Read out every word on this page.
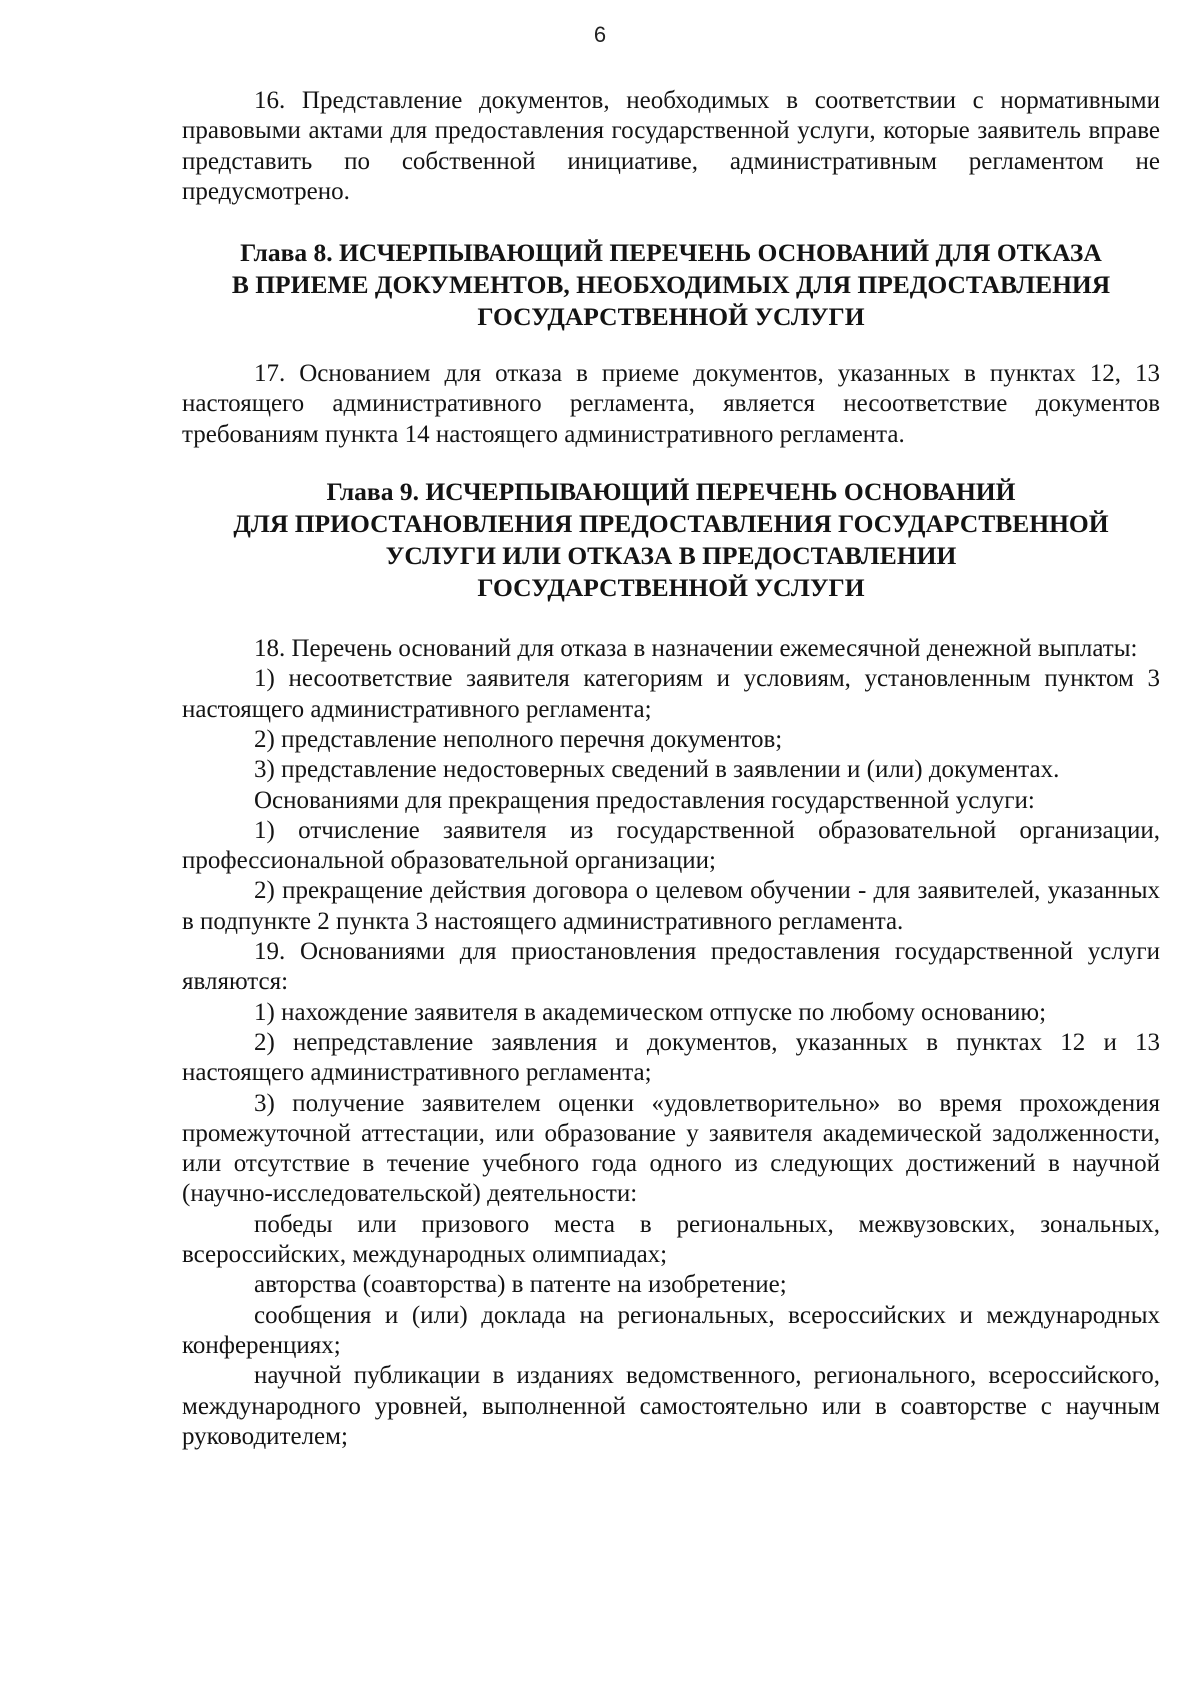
6

16. Представление документов, необходимых в соответствии с нормативными правовыми актами для предоставления государственной услуги, которые заявитель вправе представить по собственной инициативе, административным регламентом не предусмотрено.

Глава 8. ИСЧЕРПЫВАЮЩИЙ ПЕРЕЧЕНЬ ОСНОВАНИЙ ДЛЯ ОТКАЗА
В ПРИЕМЕ ДОКУМЕНТОВ, НЕОБХОДИМЫХ ДЛЯ ПРЕДОСТАВЛЕНИЯ
ГОСУДАРСТВЕННОЙ УСЛУГИ

17. Основанием для отказа в приеме документов, указанных в пунктах 12, 13 настоящего административного регламента, является несоответствие документов требованиям пункта 14 настоящего административного регламента.

Глава 9. ИСЧЕРПЫВАЮЩИЙ ПЕРЕЧЕНЬ ОСНОВАНИЙ
ДЛЯ ПРИОСТАНОВЛЕНИЯ ПРЕДОСТАВЛЕНИЯ ГОСУДАРСТВЕННОЙ
УСЛУГИ ИЛИ ОТКАЗА В ПРЕДОСТАВЛЕНИИ
ГОСУДАРСТВЕННОЙ УСЛУГИ

18. Перечень оснований для отказа в назначении ежемесячной денежной выплаты:

1) несоответствие заявителя категориям и условиям, установленным пунктом 3 настоящего административного регламента;

2) представление неполного перечня документов;

3) представление недостоверных сведений в заявлении и (или) документах.

Основаниями для прекращения предоставления государственной услуги:

1) отчисление заявителя из государственной образовательной организации, профессиональной образовательной организации;

2) прекращение действия договора о целевом обучении - для заявителей, указанных в подпункте 2 пункта 3 настоящего административного регламента.

19. Основаниями для приостановления предоставления государственной услуги являются:

1) нахождение заявителя в академическом отпуске по любому основанию;

2) непредставление заявления и документов, указанных в пунктах 12 и 13 настоящего административного регламента;

3) получение заявителем оценки «удовлетворительно» во время прохождения промежуточной аттестации, или образование у заявителя академической задолженности, или отсутствие в течение учебного года одного из следующих достижений в научной (научно-исследовательской) деятельности:

победы или призового места в региональных, межвузовских, зональных, всероссийских, международных олимпиадах;

авторства (соавторства) в патенте на изобретение;

сообщения и (или) доклада на региональных, всероссийских и международных конференциях;

научной публикации в изданиях ведомственного, регионального, всероссийского, международного уровней, выполненной самостоятельно или в соавторстве с научным руководителем;
